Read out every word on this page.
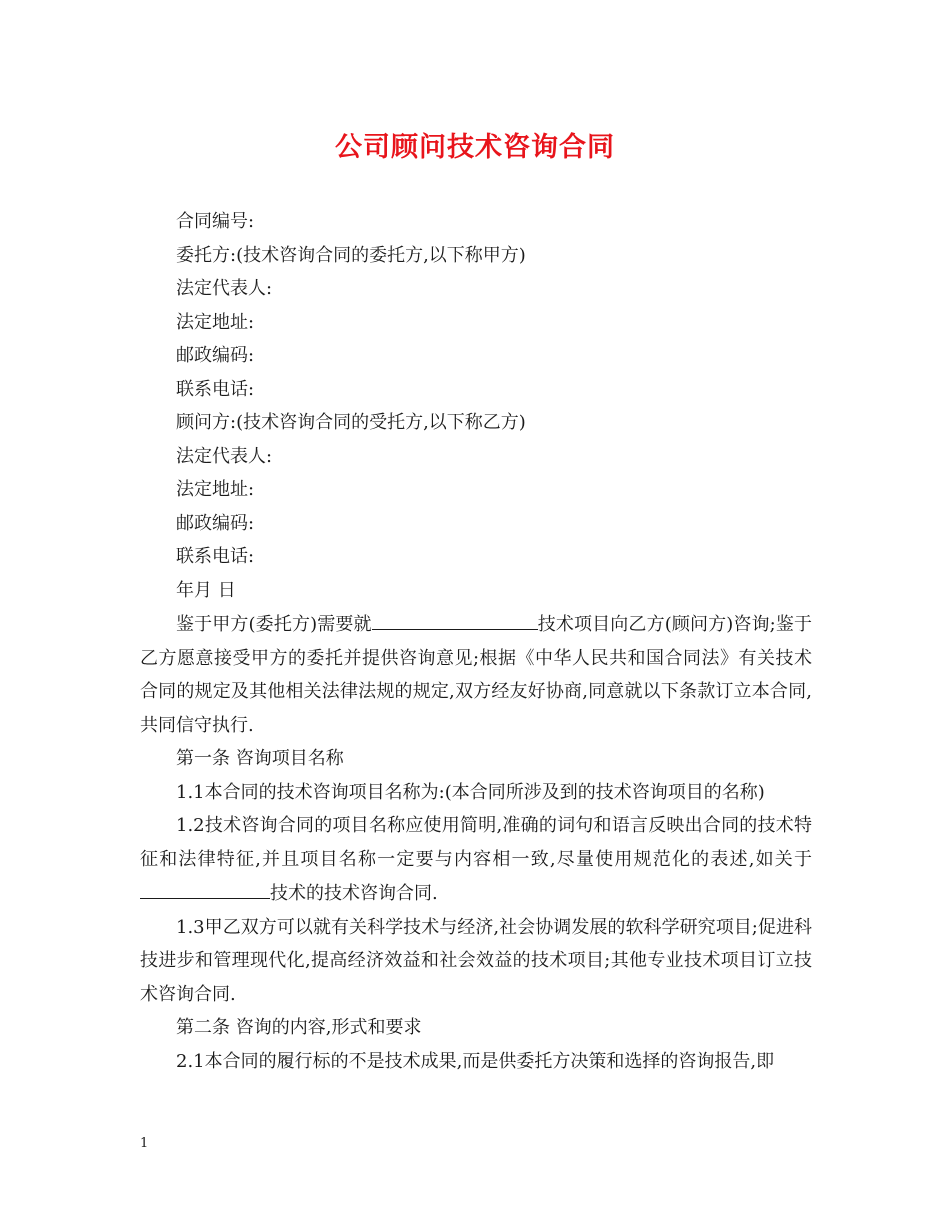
公司顾问技术咨询合同

合同编号:

委托方:(技术咨询合同的委托方,以下称甲方)

法定代表人:

法定地址:

邮政编码:

联系电话:

顾问方:(技术咨询合同的受托方,以下称乙方)

法定代表人:

法定地址:

邮政编码:

联系电话:

年月 日

鉴于甲方(委托方)需要就	技术项目向乙方(顾问方)咨询;鉴于乙方愿意接受甲方的委托并提供咨询意见;根据《中华人民共和国合同法》有关技术合同的规定及其他相关法律法规的规定,双方经友好协商,同意就以下条款订立本合同,共同信守执行.

第一条 咨询项目名称

1.1本合同的技术咨询项目名称为:(本合同所涉及到的技术咨询项目的名称)

1.2技术咨询合同的项目名称应使用简明,准确的词句和语言反映出合同的技术特征和法律特征,并且项目名称一定要与内容相一致,尽量使用规范化的表述,如关于技术的技术咨询合同.

1.3甲乙双方可以就有关科学技术与经济,社会协调发展的软科学研究项目;促进科技进步和管理现代化,提高经济效益和社会效益的技术项目;其他专业技术项目订立技术咨询合同.

第二条 咨询的内容,形式和要求

2.1本合同的履行标的不是技术成果,而是供委托方决策和选择的咨询报告,即

1
